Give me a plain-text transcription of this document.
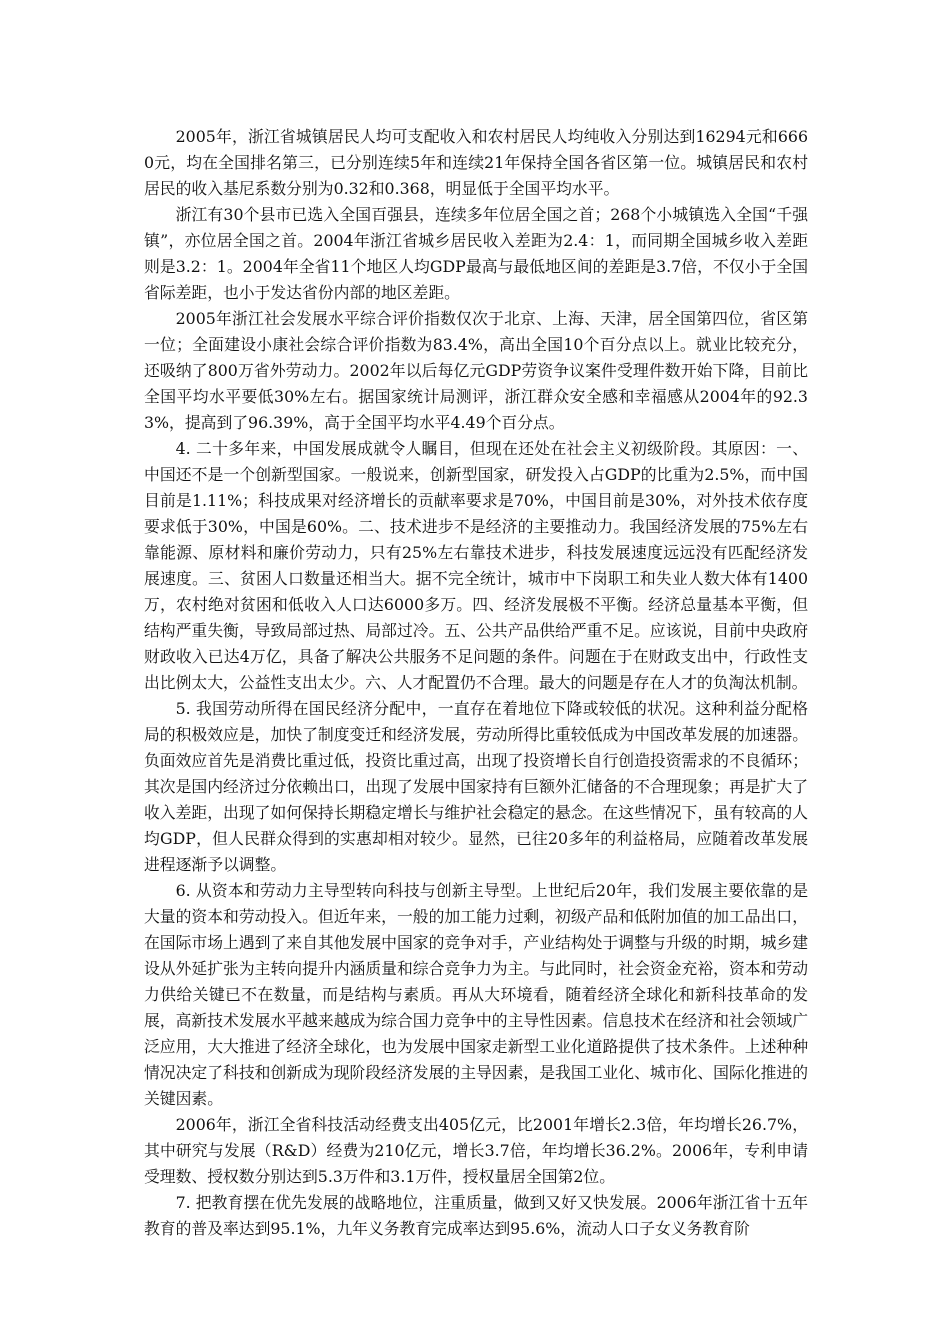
2005年，浙江省城镇居民人均可支配收入和农村居民人均纯收入分别达到16294元和6660元，均在全国排名第三，已分别连续5年和连续21年保持全国各省区第一位。城镇居民和农村居民的收入基尼系数分别为0.32和0.368，明显低于全国平均水平。

浙江有30个县市已选入全国百强县，连续多年位居全国之首；268个小城镇选入全国“千强镇”，亦位居全国之首。2004年浙江省城乡居民收入差距为2.4：1，而同期全国城乡收入差距则是3.2：1。2004年全省11个地区人均GDP最高与最低地区间的差距是3.7倍，不仅小于全国省际差距，也小于发达省份内部的地区差距。

2005年浙江社会发展水平综合评价指数仅次于北京、上海、天津，居全国第四位，省区第一位；全面建设小康社会综合评价指数为83.4%，高出全国10个百分点以上。就业比较充分，还吸纳了800万省外劳动力。2002年以后每亿元GDP劳资争议案件受理件数开始下降，目前比全国平均水平要低30%左右。据国家统计局测评，浙江群众安全感和幸福感从2004年的92.33%，提高到了96.39%，高于全国平均水平4.49个百分点。

4. 二十多年来，中国发展成就令人瞩目，但现在还处在社会主义初级阶段。其原因：一、中国还不是一个创新型国家。一般说来，创新型国家，研发投入占GDP的比重为2.5%，而中国目前是1.11%；科技成果对经济增长的贡献率要求是70%，中国目前是30%，对外技术依存度要求低于30%，中国是60%。二、技术进步不是经济的主要推动力。我国经济发展的75%左右靠能源、原材料和廉价劳动力，只有25%左右靠技术进步，科技发展速度远远没有匹配经济发展速度。三、贫困人口数量还相当大。据不完全统计，城市中下岗职工和失业人数大体有1400万，农村绝对贫困和低收入人口达6000多万。四、经济发展极不平衡。经济总量基本平衡，但结构严重失衡，导致局部过热、局部过冷。五、公共产品供给严重不足。应该说，目前中央政府财政收入已达4万亿，具备了解决公共服务不足问题的条件。问题在于在财政支出中，行政性支出比例太大，公益性支出太少。六、人才配置仍不合理。最大的问题是存在人才的负淘汰机制。

5. 我国劳动所得在国民经济分配中，一直存在着地位下降或较低的状况。这种利益分配格局的积极效应是，加快了制度变迁和经济发展，劳动所得比重较低成为中国改革发展的加速器。负面效应首先是消费比重过低，投资比重过高，出现了投资增长自行创造投资需求的不良循环；其次是国内经济过分依赖出口，出现了发展中国家持有巨额外汇储备的不合理现象；再是扩大了收入差距，出现了如何保持长期稳定增长与维护社会稳定的悬念。在这些情况下，虽有较高的人均GDP，但人民群众得到的实惠却相对较少。显然，已往20多年的利益格局，应随着改革发展进程逐渐予以调整。

6. 从资本和劳动力主导型转向科技与创新主导型。上世纪后20年，我们发展主要依靠的是大量的资本和劳动投入。但近年来，一般的加工能力过剩，初级产品和低附加值的加工品出口，在国际市场上遇到了来自其他发展中国家的竞争对手，产业结构处于调整与升级的时期，城乡建设从外延扩张为主转向提升内涵质量和综合竞争力为主。与此同时，社会资金充裕，资本和劳动力供给关键已不在数量，而是结构与素质。再从大环境看，随着经济全球化和新科技革命的发展，高新技术发展水平越来越成为综合国力竞争中的主导性因素。信息技术在经济和社会领域广泛应用，大大推进了经济全球化，也为发展中国家走新型工业化道路提供了技术条件。上述种种情况决定了科技和创新成为现阶段经济发展的主导因素，是我国工业化、城市化、国际化推进的关键因素。

2006年，浙江全省科技活动经费支出405亿元，比2001年增长2.3倍，年均增长26.7%，其中研究与发展（R&D）经费为210亿元，增长3.7倍，年均增长36.2%。2006年，专利申请受理数、授权数分别达到5.3万件和3.1万件，授权量居全国第2位。

7. 把教育摆在优先发展的战略地位，注重质量，做到又好又快发展。2006年浙江省十五年教育的普及率达到95.1%，九年义务教育完成率达到95.6%，流动人口子女义务教育阶
